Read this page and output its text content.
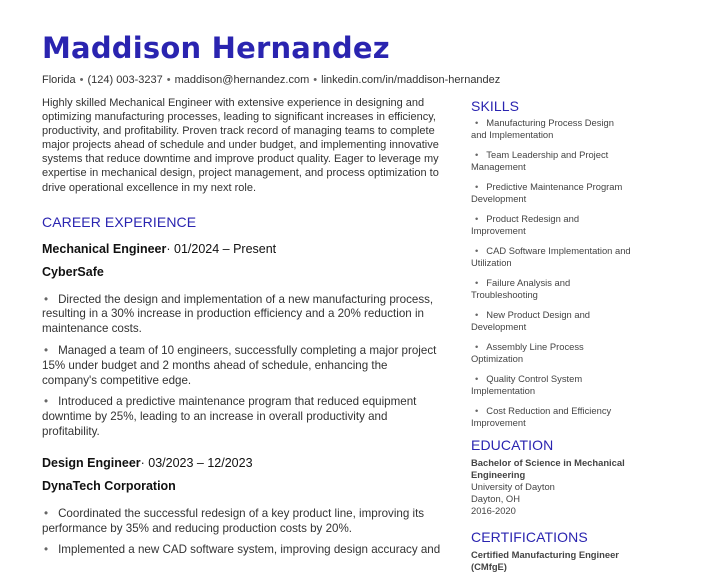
Maddison Hernandez
Florida • (124) 003-3237 • maddison@hernandez.com • linkedin.com/in/maddison-hernandez

Highly skilled Mechanical Engineer with extensive experience in designing and optimizing manufacturing processes, leading to significant increases in efficiency, productivity, and profitability. Proven track record of managing teams to complete major projects ahead of schedule and under budget, and implementing innovative systems that reduce downtime and improve product quality. Eager to leverage my expertise in mechanical design, project management, and process optimization to drive operational excellence in my next role.

CAREER EXPERIENCE
Mechanical Engineer· 01/2024 – Present
CyberSafe
• Directed the design and implementation of a new manufacturing process, resulting in a 30% increase in production efficiency and a 20% reduction in maintenance costs.
• Managed a team of 10 engineers, successfully completing a major project 15% under budget and 2 months ahead of schedule, enhancing the company's competitive edge.
• Introduced a predictive maintenance program that reduced equipment downtime by 25%, leading to an increase in overall productivity and profitability.
Design Engineer· 03/2023 – 12/2023
DynaTech Corporation
• Coordinated the successful redesign of a key product line, improving its performance by 35% and reducing production costs by 20%.
• Implemented a new CAD software system, improving design accuracy and
SKILLS
• Manufacturing Process Design and Implementation
• Team Leadership and Project Management
• Predictive Maintenance Program Development
• Product Redesign and Improvement
• CAD Software Implementation and Utilization
• Failure Analysis and Troubleshooting
• New Product Design and Development
• Assembly Line Process Optimization
• Quality Control System Implementation
• Cost Reduction and Efficiency Improvement
EDUCATION
Bachelor of Science in Mechanical Engineering
University of Dayton
Dayton, OH
2016-2020
CERTIFICATIONS
Certified Manufacturing Engineer (CMfgE)
